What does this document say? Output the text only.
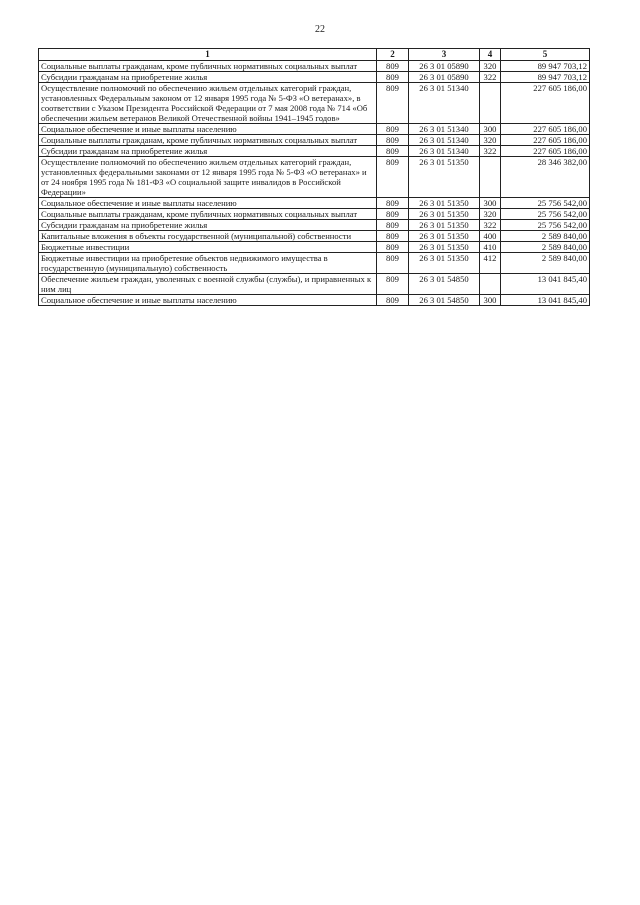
22
1	2	3	4	5
Социальные выплаты гражданам, кроме публичных нормативных социальных выплат	809	26 3 01 05890	320	89 947 703,12
Субсидии гражданам на приобретение жилья	809	26 3 01 05890	322	89 947 703,12
Осуществление полномочий по обеспечению жильем отдельных категорий граждан, установленных Федеральным законом от 12 января 1995 года № 5-ФЗ «О ветеранах», в соответствии с Указом Президента Российской Федерации от 7 мая 2008 года № 714 «Об обеспечении жильем ветеранов Великой Отечественной войны 1941–1945 годов»	809	26 3 01 51340		227 605 186,00
Социальное обеспечение и иные выплаты населению	809	26 3 01 51340	300	227 605 186,00
Социальные выплаты гражданам, кроме публичных нормативных социальных выплат	809	26 3 01 51340	320	227 605 186,00
Субсидии гражданам на приобретение жилья	809	26 3 01 51340	322	227 605 186,00
Осуществление полномочий по обеспечению жильем отдельных категорий граждан, установленных федеральными законами от 12 января 1995 года № 5-ФЗ «О ветеранах» и от 24 ноября 1995 года № 181-ФЗ «О социальной защите инвалидов в Российской Федерации»	809	26 3 01 51350		28 346 382,00
Социальное обеспечение и иные выплаты населению	809	26 3 01 51350	300	25 756 542,00
Социальные выплаты гражданам, кроме публичных нормативных социальных выплат	809	26 3 01 51350	320	25 756 542,00
Субсидии гражданам на приобретение жилья	809	26 3 01 51350	322	25 756 542,00
Капитальные вложения в объекты государственной (муниципальной) собственности	809	26 3 01 51350	400	2 589 840,00
Бюджетные инвестиции	809	26 3 01 51350	410	2 589 840,00
Бюджетные инвестиции на приобретение объектов недвижимого имущества в государственную (муниципальную) собственность	809	26 3 01 51350	412	2 589 840,00
Обеспечение жильем граждан, уволенных с военной службы (службы), и приравненных к ним лиц	809	26 3 01 54850		13 041 845,40
Социальное обеспечение и иные выплаты населению	809	26 3 01 54850	300	13 041 845,40
